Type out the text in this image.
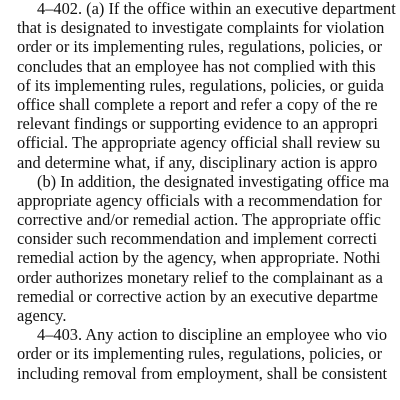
4–402. (a) If the office within an executive department
that is designated to investigate complaints for violation
order or its implementing rules, regulations, policies, or
concludes that an employee has not complied with this
of its implementing rules, regulations, policies, or guida
office shall complete a report and refer a copy of the re
relevant findings or supporting evidence to an appropri
official. The appropriate agency official shall review su
and determine what, if any, disciplinary action is appro
(b) In addition, the designated investigating office ma
appropriate agency officials with a recommendation for
corrective and/or remedial action. The appropriate offic
consider such recommendation and implement correcti
remedial action by the agency, when appropriate. Nothi
order authorizes monetary relief to the complainant as a
remedial or corrective action by an executive departme
agency.
4–403. Any action to discipline an employee who vio
order or its implementing rules, regulations, policies, or
including removal from employment, shall be consistent
